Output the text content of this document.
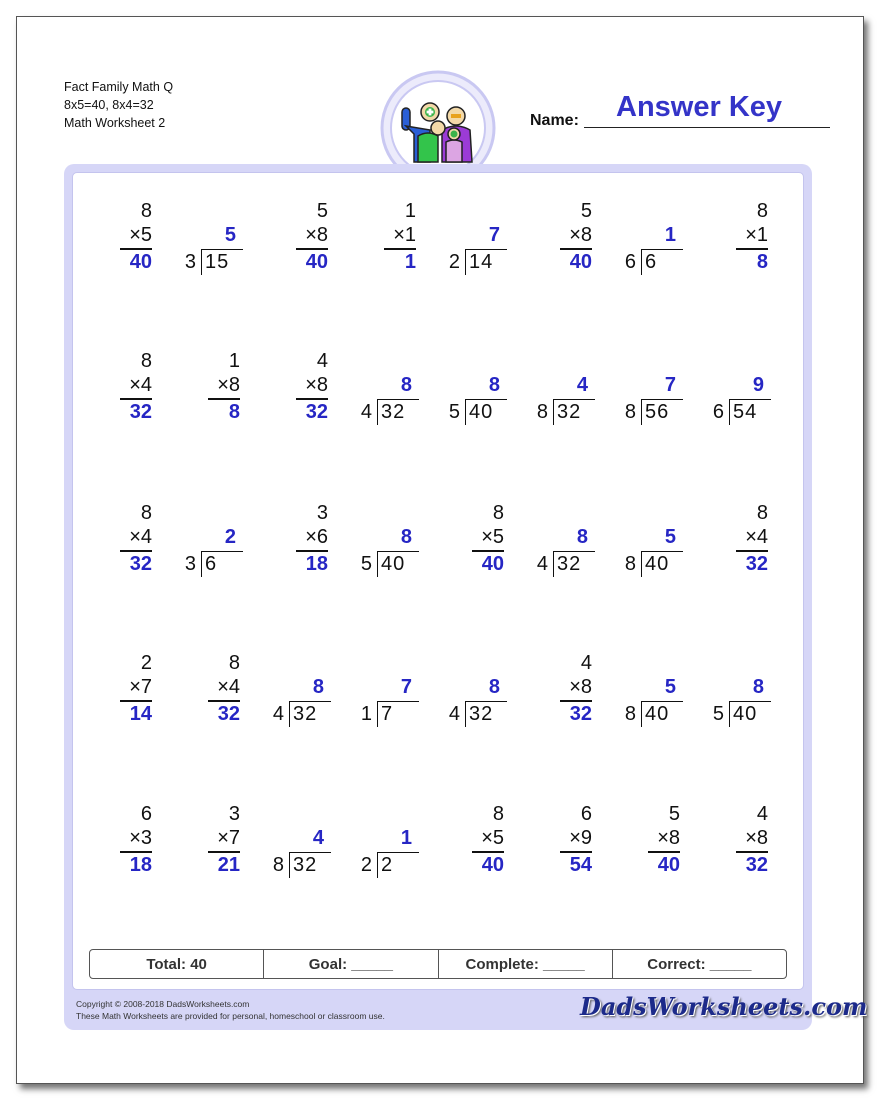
Fact Family Math Q
8x5=40, 8x4=32
Math Worksheet 2	Answer Key
Name:
8
×5
40
5
3 15
5
×8
40
1
×1
1
7
2 14
5
×8
40
1
6 6
8
×1
8
8
×4
32
1
×8
8
4
×8
32
8
4 32
8
5 40
4
8 32
7
8 56
9
6 54
8
×4
32
2
3 6
3
×6
18
8
5 40
8
×5
40
8
4 32
5
8 40
8
×4
32
2
×7
14
8
×4
32
8
4 32
7
1 7
8
4 32
4
×8
32
5
8 40
8
5 40
6
×3
18
3
×7
21
4
8 32
1
2 2
8
×5
40
6
×9
54
5
×8
40
4
×8
32
Total: 40	Goal: _____	Complete: _____	Correct: _____
Copyright © 2008-2018 DadsWorksheets.com
These Math Worksheets are provided for personal, homeschool or classroom use.	DadsWorksheets.com
